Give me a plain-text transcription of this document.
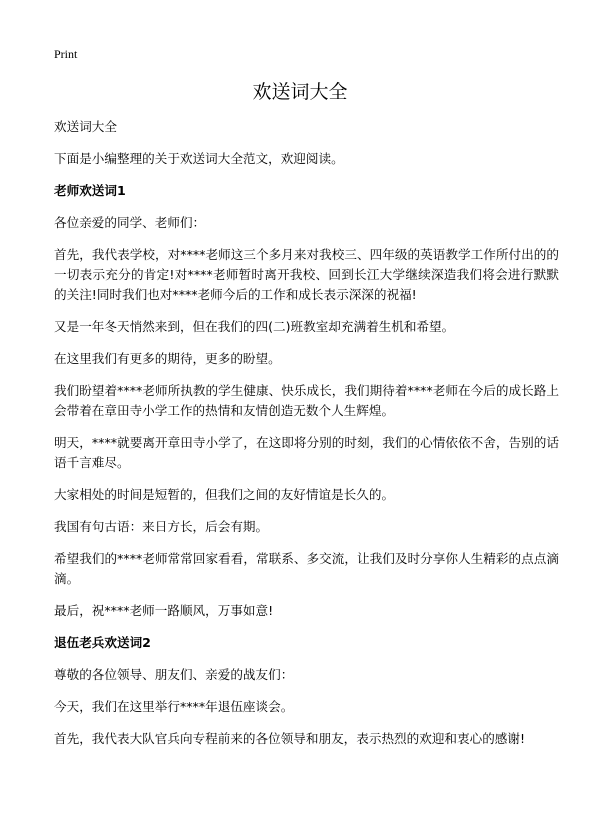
Print
欢送词大全

欢送词大全

下面是小编整理的关于欢送词大全范文，欢迎阅读。

老师欢送词1

各位亲爱的同学、老师们：

首先，我代表学校，对****老师这三个多月来对我校三、四年级的英语教学工作所付出的的一切表示充分的肯定!对****老师暂时离开我校、回到长江大学继续深造我们将会进行默默的关注!同时我们也对****老师今后的工作和成长表示深深的祝福!

又是一年冬天悄然来到，但在我们的四(二)班教室却充满着生机和希望。

在这里我们有更多的期待，更多的盼望。

我们盼望着****老师所执教的学生健康、快乐成长，我们期待着****老师在今后的成长路上会带着在章田寺小学工作的热情和友情创造无数个人生辉煌。

明天，****就要离开章田寺小学了，在这即将分别的时刻，我们的心情依依不舍，告别的话语千言难尽。

大家相处的时间是短暂的，但我们之间的友好情谊是长久的。

我国有句古语：来日方长，后会有期。

希望我们的****老师常常回家看看，常联系、多交流，让我们及时分享你人生精彩的点点滴滴。

最后，祝****老师一路顺风，万事如意!

退伍老兵欢送词2

尊敬的各位领导、朋友们、亲爱的战友们：

今天，我们在这里举行****年退伍座谈会。

首先，我代表大队官兵向专程前来的各位领导和朋友，表示热烈的欢迎和衷心的感谢!
